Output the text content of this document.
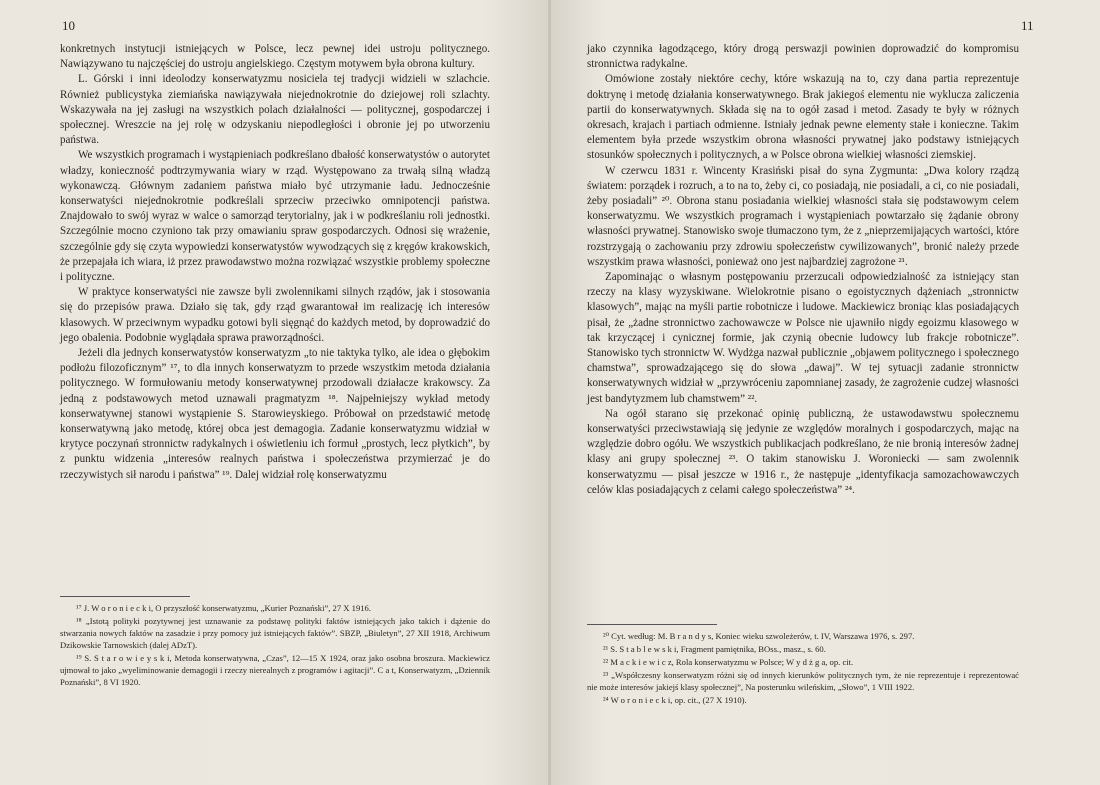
10

konkretnych instytucji istniejących w Polsce, lecz pewnej idei ustroju politycznego. Nawiązywano tu najczęściej do ustroju angielskiego. Częstym motywem była obrona kultury.

L. Górski i inni ideolodzy konserwatyzmu nosiciela tej tradycji widzieli w szlachcie. Również publicystyka ziemiańska nawiązywała niejednokrotnie do dziejowej roli szlachty. Wskazywała na jej zasługi na wszystkich polach działalności — politycznej, gospodarczej i społecznej. Wreszcie na jej rolę w odzyskaniu niepodległości i obronie jej po utworzeniu państwa.

We wszystkich programach i wystąpieniach podkreślano dbałość konserwatystów o autorytet władzy, konieczność podtrzymywania wiary w rząd. Występowano za trwałą silną władzą wykonawczą. Głównym zadaniem państwa miało być utrzymanie ładu. Jednocześnie konserwatyści niejednokrotnie podkreślali sprzeciw przeciwko omnipotencji państwa. Znajdowało to swój wyraz w walce o samorząd terytorialny, jak i w podkreślaniu roli jednostki. Szczególnie mocno czyniono tak przy omawianiu spraw gospodarczych. Odnosi się wrażenie, szczególnie gdy się czyta wypowiedzi konserwatystów wywodzących się z kręgów krakowskich, że przepajała ich wiara, iż przez prawodawstwo można rozwiązać wszystkie problemy społeczne i polityczne.

W praktyce konserwatyści nie zawsze byli zwolennikami silnych rządów, jak i stosowania się do przepisów prawa. Działo się tak, gdy rząd gwarantował im realizację ich interesów klasowych. W przeciwnym wypadku gotowi byli sięgnąć do każdych metod, by doprowadzić do jego obalenia. Podobnie wyglądała sprawa praworządności.

Jeżeli dla jednych konserwatystów konserwatyzm „to nie taktyka tylko, ale idea o głębokim podłożu filozoficznym” ¹⁷, to dla innych konserwatyzm to przede wszystkim metoda działania politycznego. W formułowaniu metody konserwatywnej przodowali działacze krakowscy. Za jedną z podstawowych metod uznawali pragmatyzm ¹⁸. Najpełniejszy wykład metody konserwatywnej stanowi wystąpienie S. Starowieyskiego. Próbował on przedstawić metodę konserwatywną jako metodę, której obca jest demagogia. Zadanie konserwatyzmu widział w krytyce poczynań stronnictw radykalnych i oświetleniu ich formuł „prostych, lecz płytkich”, by z punktu widzenia „interesów realnych państwa i społeczeństwa przymierzać je do rzeczywistych sił narodu i państwa” ¹⁹. Dalej widział rolę konserwatyzmu

¹⁷ J. W o r o n i e c k i, O przyszłość konserwatyzmu, „Kurier Poznański”, 27 X 1916.

¹⁸ „Istotą polityki pozytywnej jest uznawanie za podstawę polityki faktów istniejących jako takich i dążenie do stwarzania nowych faktów na zasadzie i przy pomocy już istniejących faktów”. SBZP, „Biuletyn”, 27 XII 1918, Archiwum Dzikowskie Tarnowskich (dalej ADzT).

¹⁹ S. S t a r o w i e y s k i, Metoda konserwatywna, „Czas”, 12—15 X 1924, oraz jako osobna broszura. Mackiewicz ujmował to jako „wyeliminowanie demagogii i rzeczy nierealnych z programów i agitacji”. C a t, Konserwatyzm, „Dziennik Poznański”, 8 VI 1920.

11

jako czynnika łagodzącego, który drogą perswazji powinien doprowadzić do kompromisu stronnictwa radykalne.

Omówione zostały niektóre cechy, które wskazują na to, czy dana partia reprezentuje doktrynę i metodę działania konserwatywnego. Brak jakiegoś elementu nie wyklucza zaliczenia partii do konserwatywnych. Składa się na to ogół zasad i metod. Zasady te były w różnych okresach, krajach i partiach odmienne. Istniały jednak pewne elementy stałe i konieczne. Takim elementem była przede wszystkim obrona własności prywatnej jako podstawy istniejących stosunków społecznych i politycznych, a w Polsce obrona wielkiej własności ziemskiej.

W czerwcu 1831 r. Wincenty Krasiński pisał do syna Zygmunta: „Dwa kolory rządzą światem: porządek i rozruch, a to na to, żeby ci, co posiadają, nie posiadali, a ci, co nie posiadali, żeby posiadali” ²⁰. Obrona stanu posiadania wielkiej własności stała się podstawowym celem konserwatyzmu. We wszystkich programach i wystąpieniach powtarzało się żądanie obrony własności prywatnej. Stanowisko swoje tłumaczono tym, że z „nieprzemijających wartości, które rozstrzygają o zachowaniu przy zdrowiu społeczeństw cywilizowanych”, bronić należy przede wszystkim prawa własności, ponieważ ono jest najbardziej zagrożone ²¹.

Zapominając o własnym postępowaniu przerzucali odpowiedzialność za istniejący stan rzeczy na klasy wyzyskiwane. Wielokrotnie pisano o egoistycznych dążeniach „stronnictw klasowych”, mając na myśli partie robotnicze i ludowe. Mackiewicz broniąc klas posiadających pisał, że „żadne stronnictwo zachowawcze w Polsce nie ujawniło nigdy egoizmu klasowego w tak krzyczącej i cynicznej formie, jak czynią obecnie ludowcy lub frakcje robotnicze”. Stanowisko tych stronnictw W. Wydżga nazwał publicznie „objawem politycznego i społecznego chamstwa”, sprowadzającego się do słowa „dawaj”. W tej sytuacji zadanie stronnictw konserwatywnych widział w „przywróceniu zapomnianej zasady, że zagrożenie cudzej własności jest bandytyzmem lub chamstwem” ²².

Na ogół starano się przekonać opinię publiczną, że ustawodawstwu społecznemu konserwatyści przeciwstawiają się jedynie ze względów moralnych i gospodarczych, mając na względzie dobro ogółu. We wszystkich publikacjach podkreślano, że nie bronią interesów żadnej klasy ani grupy społecznej ²³. O takim stanowisku J. Woroniecki — sam zwolennik konserwatyzmu — pisał jeszcze w 1916 r., że następuje „identyfikacja samozachowawczych celów klas posiadających z celami całego społeczeństwa” ²⁴.

²⁰ Cyt. według: M. B r a n d y s, Koniec wieku szwoleżerów, t. IV, Warszawa 1976, s. 297.

²¹ S. S t a b l e w s k i, Fragment pamiętnika, BOss., masz., s. 60.

²² M a c k i e w i c z, Rola konserwatyzmu w Polsce; W y d ż g a, op. cit.

²³ „Współczesny konserwatyzm różni się od innych kierunków politycznych tym, że nie reprezentuje i reprezentować nie może interesów jakiejś klasy społecznej”, Na posterunku wileńskim, „Słowo”, 1 VIII 1922.

²⁴ W o r o n i e c k i, op. cit., (27 X 1910).
